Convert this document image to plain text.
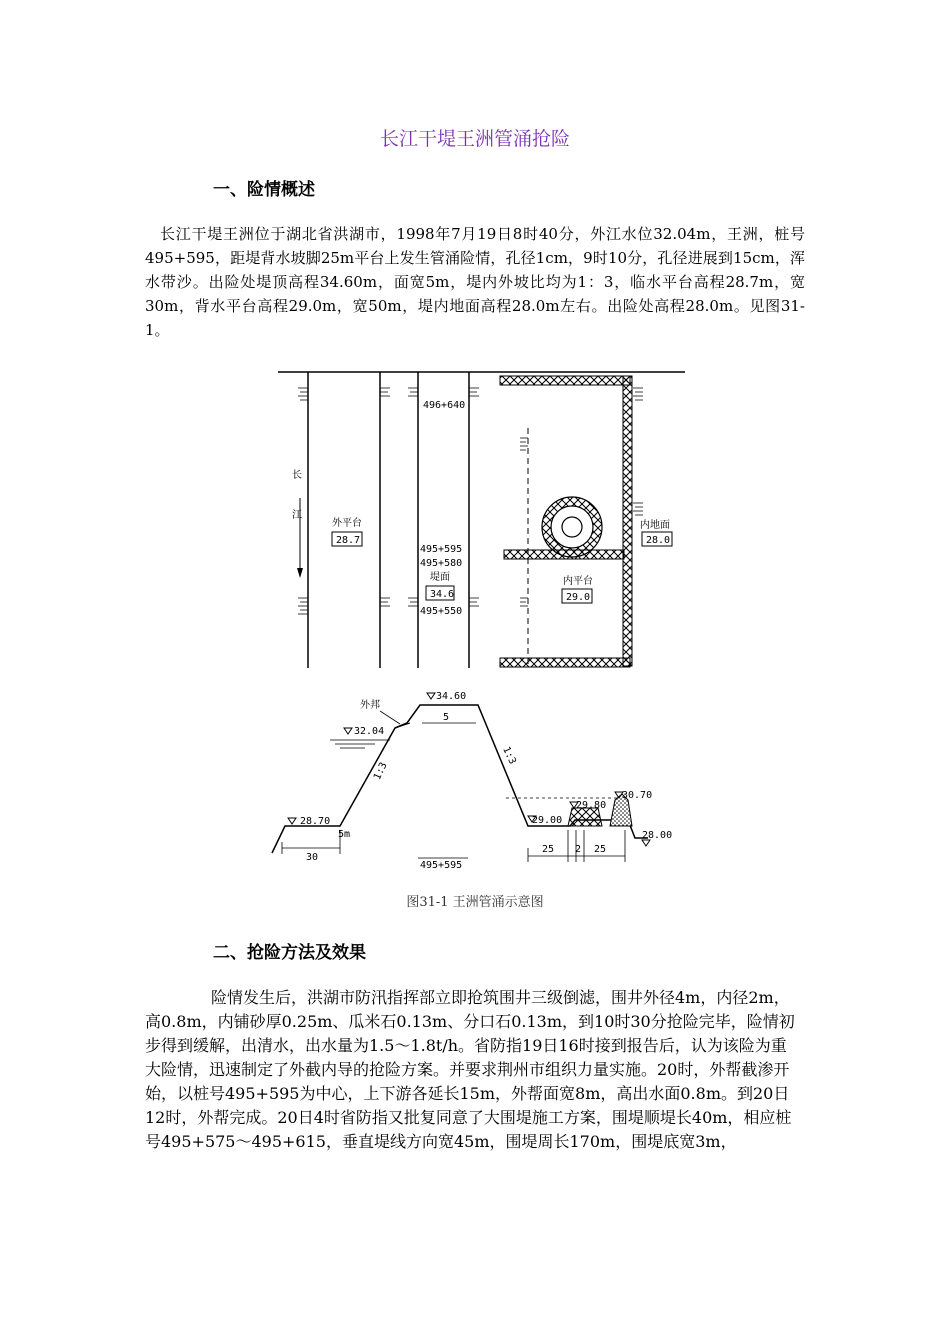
长江干堤王洲管涌抢险
一、险情概述
长江干堤王洲位于湖北省洪湖市，1998年7月19日8时40分，外江水位32.04m，王洲，桩号495+595，距堤背水坡脚25m平台上发生管涌险情，孔径1cm，9时10分，孔径进展到15cm，浑水带沙。出险处堤顶高程34.60m，面宽5m，堤内外坡比均为1：3，临水平台高程28.7m，宽30m，背水平台高程29.0m，宽50m，堤内地面高程28.0m左右。出险处高程28.0m。见图31-1。
长
江
外平台
28.7
496+640
495+595
495+580
堤面
34.6
495+550
内地面
28.0
内平台
29.0
5
34.60
外邦
32.04
1:3
1:3
28.70
5m
30
495+595
29.00
29.80
30.70
28.00
25 2 25
图31-1 王洲管涌示意图
二、抢险方法及效果
险情发生后，洪湖市防汛指挥部立即抢筑围井三级倒滤，围井外径4m，内径2m，高0.8m，内铺砂厚0.25m、瓜米石0.13m、分口石0.13m，到10时30分抢险完毕，险情初步得到缓解，出清水，出水量为1.5～1.8t/h。省防指19日16时接到报告后，认为该险为重大险情，迅速制定了外截内导的抢险方案。并要求荆州市组织力量实施。20时，外帮截渗开始，以桩号495+595为中心，上下游各延长15m，外帮面宽8m，高出水面0.8m。到20日12时，外帮完成。20日4时省防指又批复同意了大围堤施工方案，围堤顺堤长40m，相应桩号495+575～495+615，垂直堤线方向宽45m，围堤周长170m，围堤底宽3m，
